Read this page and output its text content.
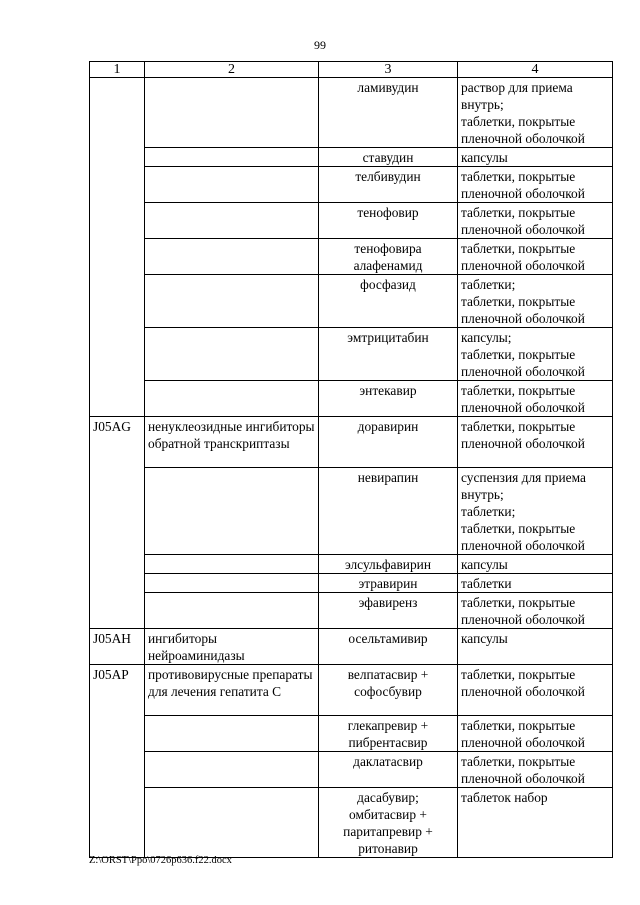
99
1	2	3	4

		ламивудин	раствор для приема внутрь;
таблетки, покрытые пленочной оболочкой

		ставудин	капсулы

		телбивудин	таблетки, покрытые пленочной оболочкой

		тенофовир	таблетки, покрытые пленочной оболочкой

		тенофовира алафенамид	таблетки, покрытые пленочной оболочкой

		фосфазид	таблетки;
таблетки, покрытые пленочной оболочкой

		эмтрицитабин	капсулы;
таблетки, покрытые пленочной оболочкой

		энтекавир	таблетки, покрытые пленочной оболочкой

J05AG	ненуклеозидные ингибиторы обратной транскриптазы	доравирин	таблетки, покрытые пленочной оболочкой

		невирапин	суспензия для приема внутрь;
таблетки;
таблетки, покрытые пленочной оболочкой

		элсульфавирин	капсулы

		этравирин	таблетки

		эфавиренз	таблетки, покрытые пленочной оболочкой

J05AH	ингибиторы нейроаминидазы	осельтамивир	капсулы

J05AP	противовирусные препараты для лечения гепатита C	велпатасвир + софосбувир	таблетки, покрытые пленочной оболочкой

		глекапревир + пибрентасвир	таблетки, покрытые пленочной оболочкой

		даклатасвир	таблетки, покрытые пленочной оболочкой

		дасабувир;
омбитасвир + паритапревир + ритонавир	таблеток набор
Z:\ORST\Ppo\0726p636.f22.docx
